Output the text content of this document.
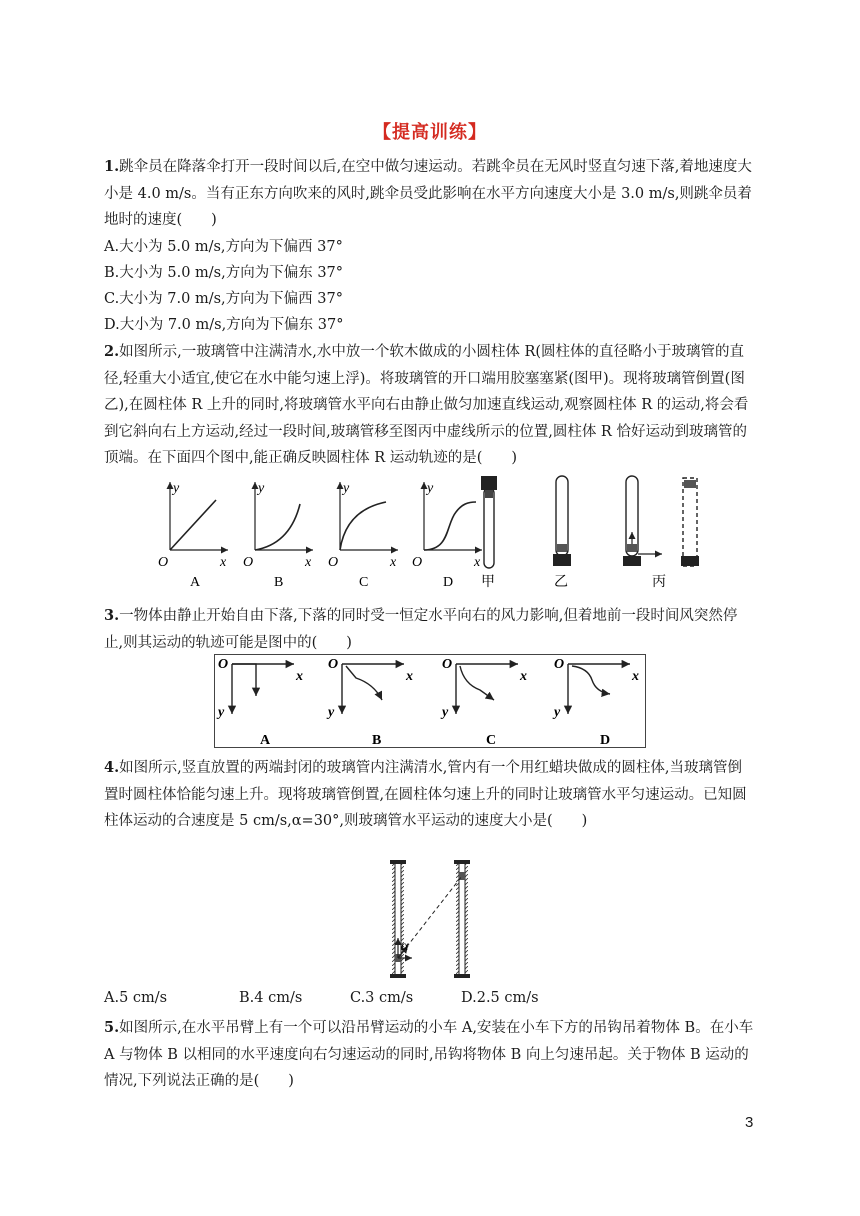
【提高训练】
1.跳伞员在降落伞打开一段时间以后,在空中做匀速运动。若跳伞员在无风时竖直匀速下落,着地速度大小是 4.0 m/s。当有正东方向吹来的风时,跳伞员受此影响在水平方向速度大小是 3.0 m/s,则跳伞员着地时的速度(　　)
A.大小为 5.0 m/s,方向为下偏西 37°
B.大小为 5.0 m/s,方向为下偏东 37°
C.大小为 7.0 m/s,方向为下偏西 37°
D.大小为 7.0 m/s,方向为下偏东 37°
2.如图所示,一玻璃管中注满清水,水中放一个软木做成的小圆柱体 R(圆柱体的直径略小于玻璃管的直径,轻重大小适宜,使它在水中能匀速上浮)。将玻璃管的开口端用胶塞塞紧(图甲)。现将玻璃管倒置(图乙),在圆柱体 R 上升的同时,将玻璃管水平向右由静止做匀加速直线运动,观察圆柱体 R 的运动,将会看到它斜向右上方运动,经过一段时间,玻璃管移至图丙中虚线所示的位置,圆柱体 R 恰好运动到玻璃管的顶端。在下面四个图中,能正确反映圆柱体 R 运动轨迹的是(　　)
y
x
O
A
y
x
O
B
y
x
O
C
y
x
O
D 甲	乙	丙
3.一物体由静止开始自由下落,下落的同时受一恒定水平向右的风力影响,但着地前一段时间风突然停止,则其运动的轨迹可能是图中的(　　)
O
x
y
A
O
x
y
B
O
x
y
C
O
x
y
D
4.如图所示,竖直放置的两端封闭的玻璃管内注满清水,管内有一个用红蜡块做成的圆柱体,当玻璃管倒置时圆柱体恰能匀速上升。现将玻璃管倒置,在圆柱体匀速上升的同时让玻璃管水平匀速运动。已知圆柱体运动的合速度是 5 cm/s,α=30°,则玻璃管水平运动的速度大小是(　　)
α
A.5 cm/s	B.4 cm/s	C.3 cm/s	D.2.5 cm/s
5.如图所示,在水平吊臂上有一个可以沿吊臂运动的小车 A,安装在小车下方的吊钩吊着物体 B。在小车 A 与物体 B 以相同的水平速度向右匀速运动的同时,吊钩将物体 B 向上匀速吊起。关于物体 B 运动的情况,下列说法正确的是(　　)
3
